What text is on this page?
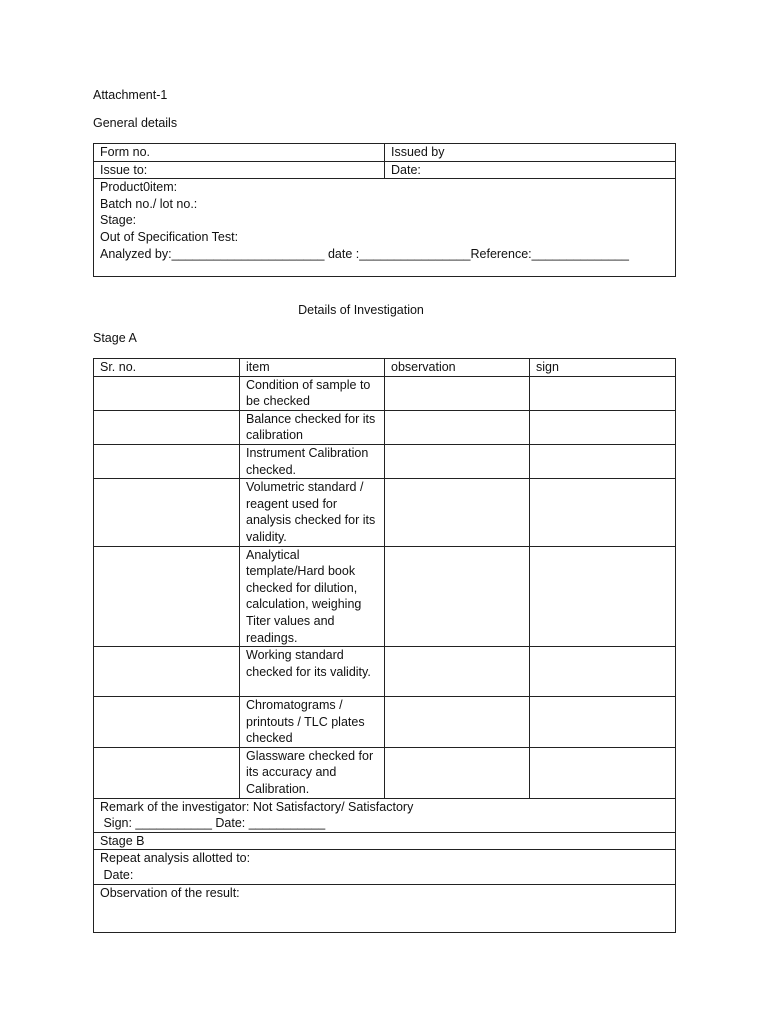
Attachment-1
General details
Form no.	Issued by
Issue to:	Date:

Product0item:
Batch no./ lot no.:
Stage:
Out of Specification Test:
Analyzed by:______________________ date :________________Reference:______________	
Details of Investigation
Stage A
Sr. no.	item	observation	sign
	Condition of sample to be checked		
	Balance checked for its calibration		
	Instrument Calibration checked.		
	Volumetric standard / reagent used for analysis checked for its validity.		
	Analytical template/Hard book checked for dilution, calculation, weighing Titer values and readings.		
	Working standard checked for its validity.		
	Chromatograms / printouts / TLC plates checked		
	Glassware checked for its accuracy and Calibration.		

Remark of the investigator: Not Satisfactory/ Satisfactory
Sign: ___________ Date: ___________			

Stage B			

Repeat analysis allotted to:
Date:			

Observation of the result:			
